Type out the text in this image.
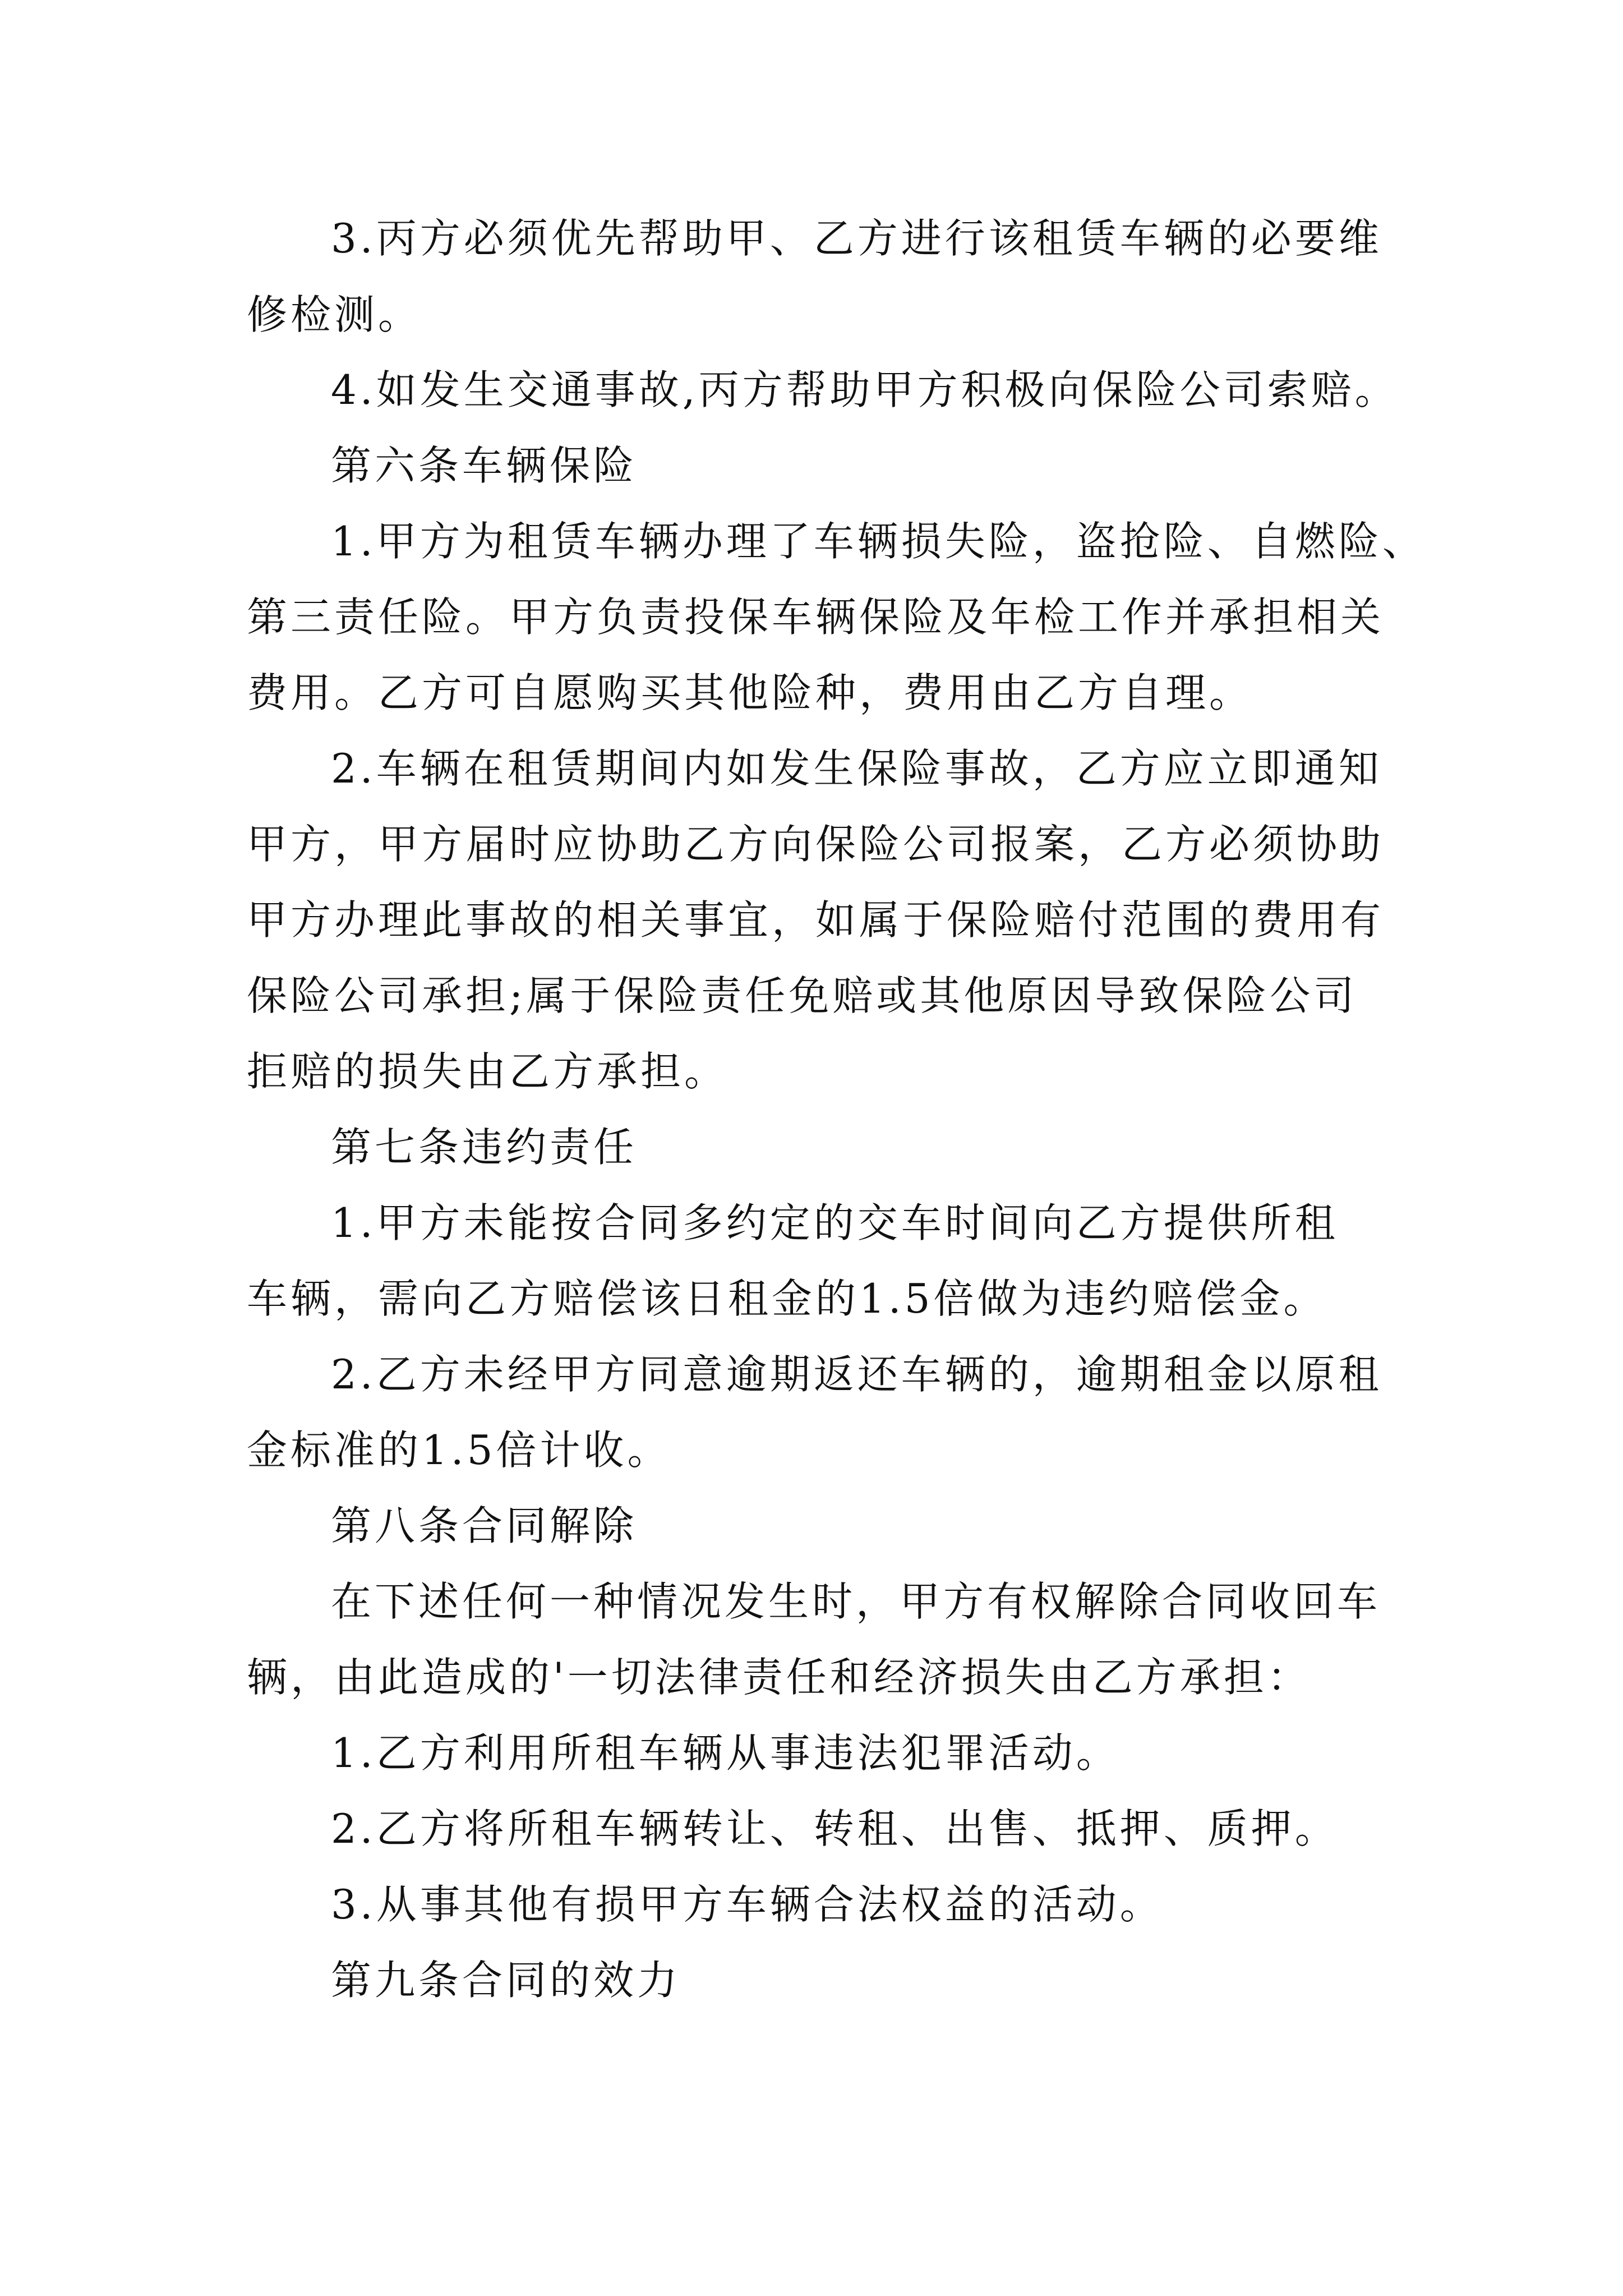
3.丙方必须优先帮助甲、乙方进行该租赁车辆的必要维
修检测。
4.如发生交通事故,丙方帮助甲方积极向保险公司索赔。
第六条车辆保险
1.甲方为租赁车辆办理了车辆损失险，盗抢险、自燃险、
第三责任险。甲方负责投保车辆保险及年检工作并承担相关
费用。乙方可自愿购买其他险种，费用由乙方自理。
2.车辆在租赁期间内如发生保险事故，乙方应立即通知
甲方，甲方届时应协助乙方向保险公司报案，乙方必须协助
甲方办理此事故的相关事宜，如属于保险赔付范围的费用有
保险公司承担;属于保险责任免赔或其他原因导致保险公司
拒赔的损失由乙方承担。
第七条违约责任
1.甲方未能按合同多约定的交车时间向乙方提供所租
车辆，需向乙方赔偿该日租金的1.5倍做为违约赔偿金。
2.乙方未经甲方同意逾期返还车辆的，逾期租金以原租
金标准的1.5倍计收。
第八条合同解除
在下述任何一种情况发生时，甲方有权解除合同收回车
辆，由此造成的'一切法律责任和经济损失由乙方承担：
1.乙方利用所租车辆从事违法犯罪活动。
2.乙方将所租车辆转让、转租、出售、抵押、质押。
3.从事其他有损甲方车辆合法权益的活动。
第九条合同的效力
